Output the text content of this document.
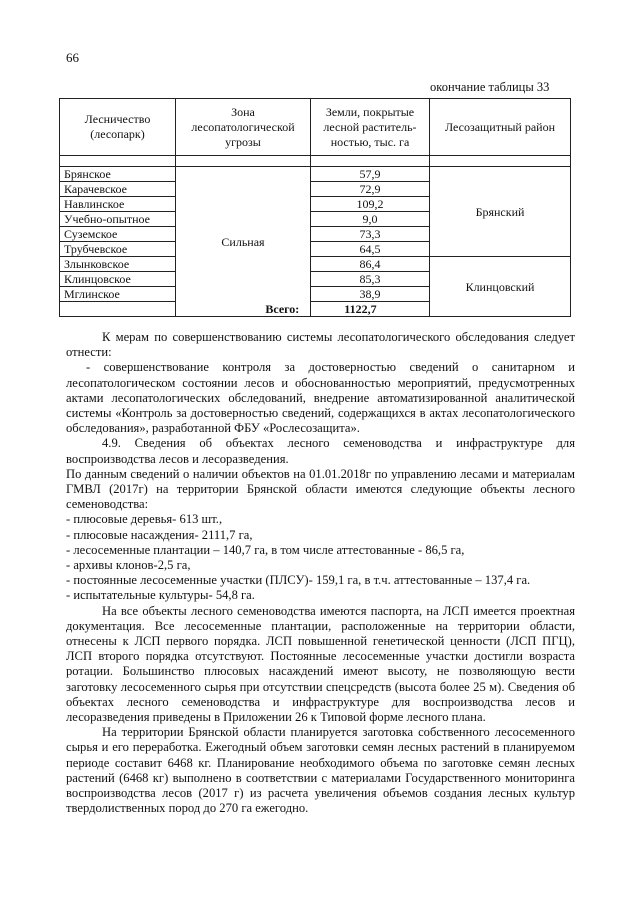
66
окончание таблицы 33
Лесничество (лесопарк)	Зона лесопатологической угрозы	Земли, покрытые лесной раститель-ностью, тыс. га	Лесозащитный район

Брянское	Сильная	57,9	Брянский
Карачевское		72,9	
Навлинское		109,2	
Учебно-опытное		9,0	
Суземское		73,3	
Трубчевское		64,5	
Злынковское		86,4	Клинцовский
Клинцовское		85,3	
Мглинское		38,9	
		Всего: 1122,7	

К мерам по совершенствованию системы лесопатологического обследования следует отнести:

- совершенствование контроля за достоверностью сведений о санитарном и лесопатологическом состоянии лесов и обоснованностью мероприятий, предусмотренных актами лесопатологических обследований, внедрение автоматизированной аналитической системы «Контроль за достоверностью сведений, содержащихся в актах лесопатологического обследования», разработанной ФБУ «Рослесозащита».

4.9. Сведения об объектах лесного семеноводства и инфраструктуре для воспроизводства лесов и лесоразведения.

По данным сведений о наличии объектов на 01.01.2018г по управлению лесами и материалам ГМВЛ (2017г) на территории Брянской области имеются следующие объекты лесного семеноводства:

- плюсовые деревья- 613 шт.,

- плюсовые насаждения- 2111,7 га,

- лесосеменные плантации – 140,7 га, в том числе аттестованные - 86,5 га,

- архивы клонов-2,5 га,

- постоянные лесосеменные участки (ПЛСУ)- 159,1 га, в т.ч. аттестованные – 137,4 га.

- испытательные культуры- 54,8 га.

На все объекты лесного семеноводства имеются паспорта, на ЛСП имеется проектная документация. Все лесосеменные плантации, расположенные на территории области, отнесены к ЛСП первого порядка. ЛСП повышенной генетической ценности (ЛСП ПГЦ), ЛСП второго порядка отсутствуют. Постоянные лесосеменные участки достигли возраста ротации. Большинство плюсовых насаждений имеют высоту, не позволяющую вести заготовку лесосеменного сырья при отсутствии спецсредств (высота более 25 м). Сведения об объектах лесного семеноводства и инфраструктуре для воспроизводства лесов и лесоразведения приведены в Приложении 26 к Типовой форме лесного плана.

На территории Брянской области планируется заготовка собственного лесосеменного сырья и его переработка. Ежегодный объем заготовки семян лесных растений в планируемом периоде составит 6468 кг. Планирование необходимого объема по заготовке семян лесных растений (6468 кг) выполнено в соответствии с материалами Государственного мониторинга воспроизводства лесов (2017 г) из расчета увеличения объемов создания лесных культур твердолиственных пород до 270 га ежегодно.
